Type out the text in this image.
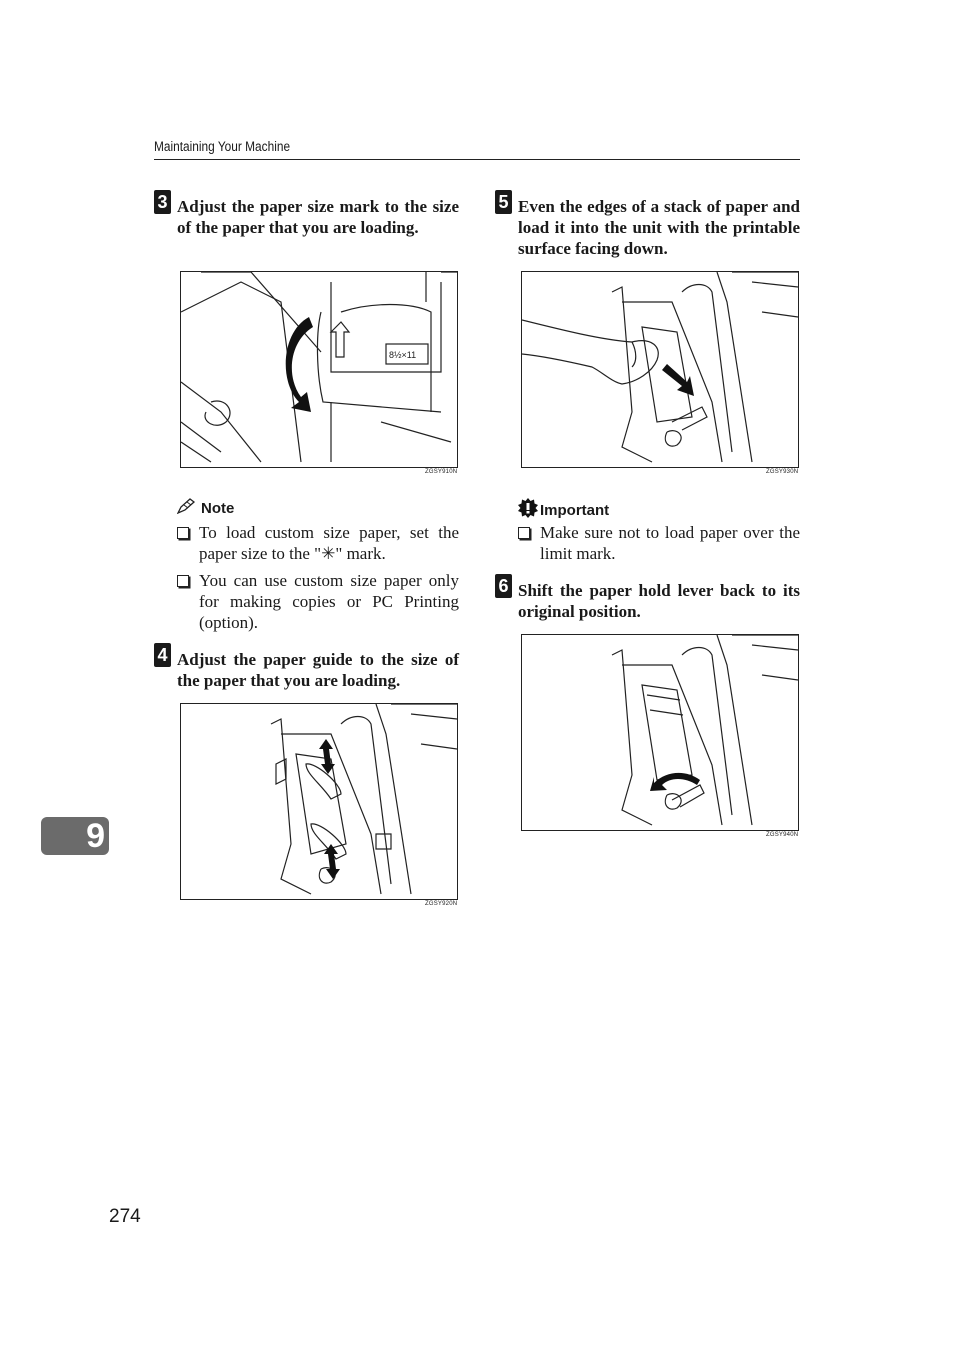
Maintaining Your Machine
3 Adjust the paper size mark to the size of the paper that you are loading.
8½×11
ZGSY910N
Note
To load custom size paper, set the paper size to the "✳" mark.
You can use custom size paper only for making copies or PC Printing (option).
4 Adjust the paper guide to the size of the paper that you are loading.
ZGSY920N
5 Even the edges of a stack of paper and load it into the unit with the printable surface facing down.
ZGSY930N
Important
Make sure not to load paper over the limit mark.
6 Shift the paper hold lever back to its original position.
ZGSY940N
9
274
